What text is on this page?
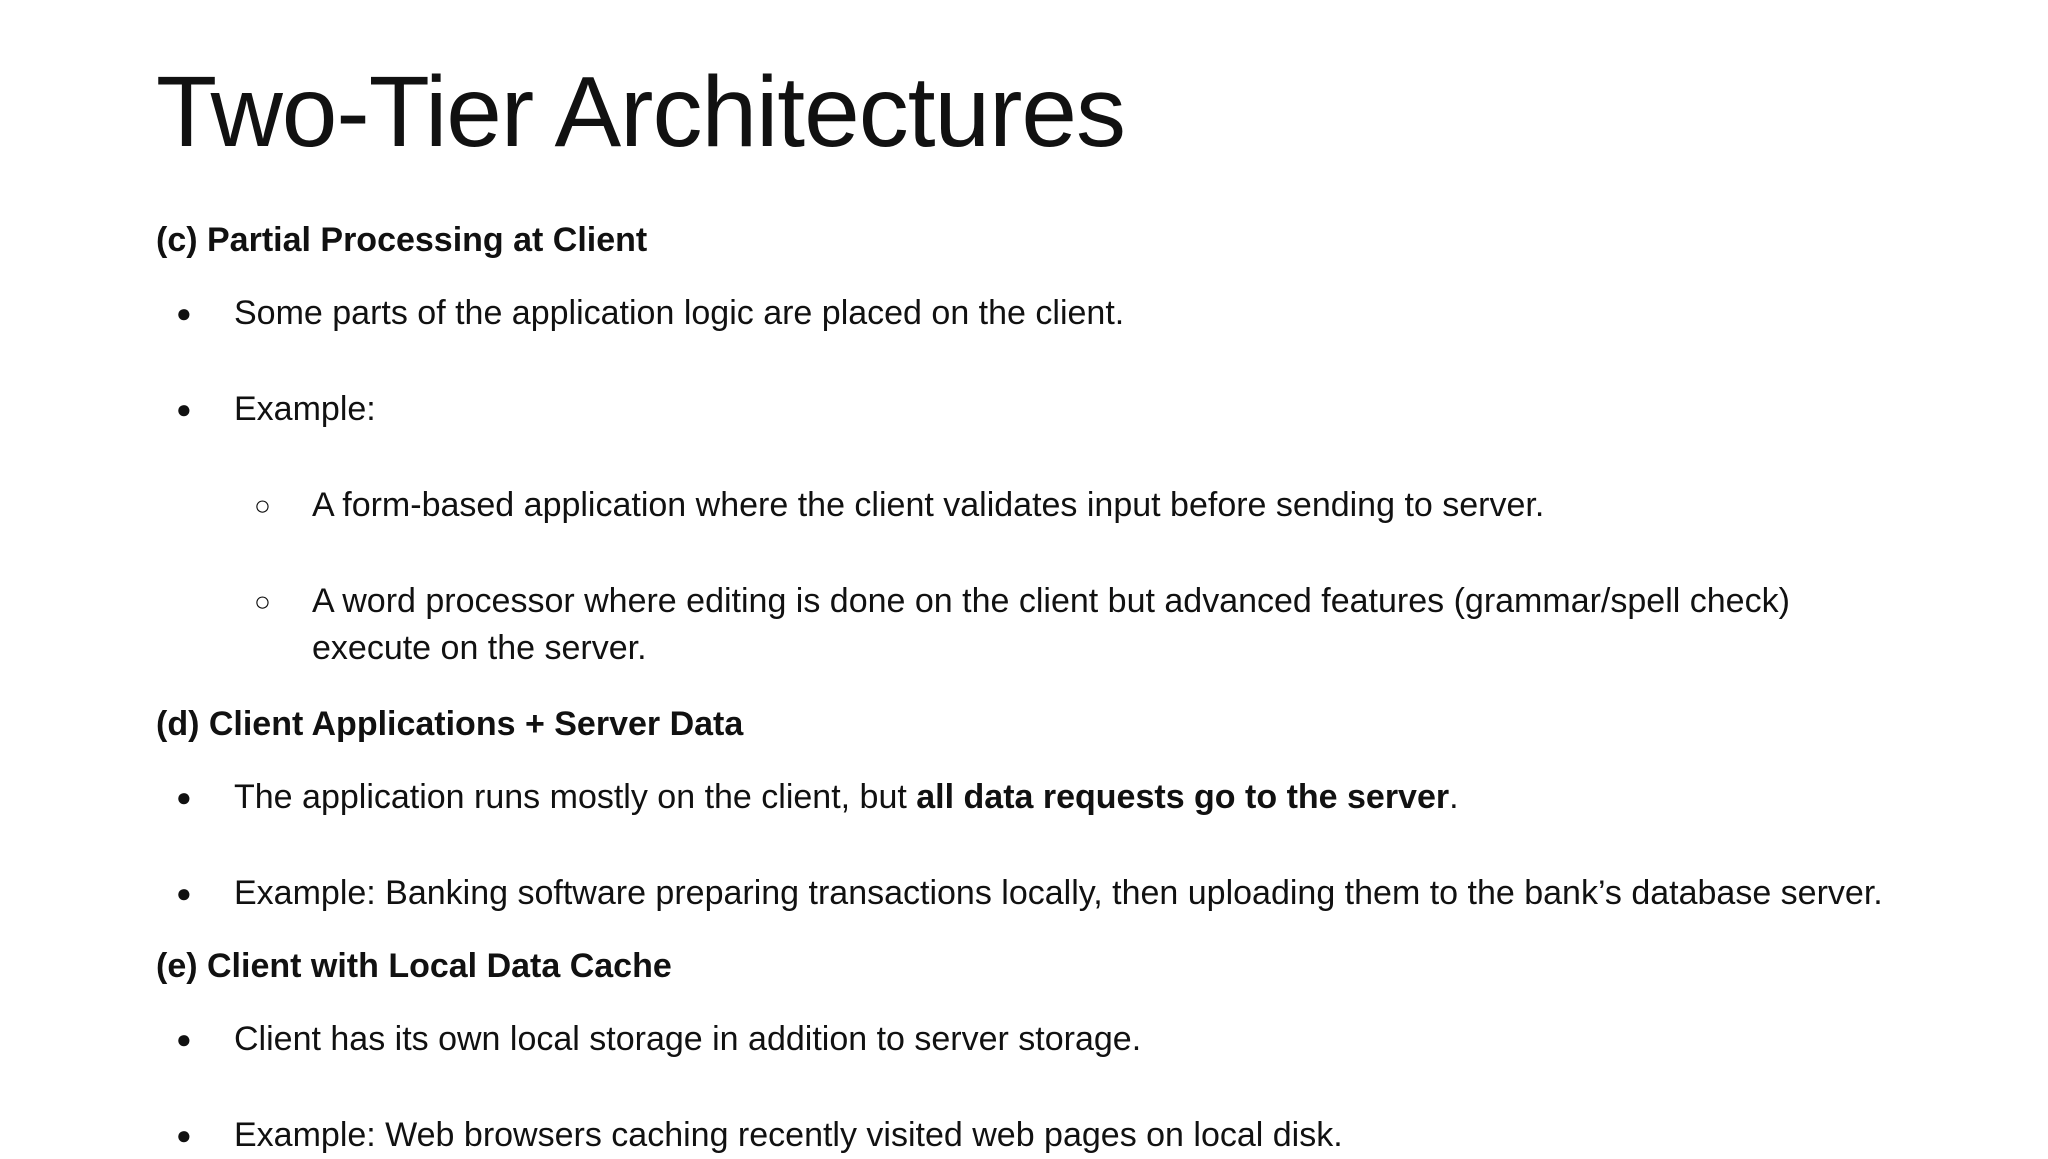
Two-Tier Architectures
(c) Partial Processing at Client
● Some parts of the application logic are placed on the client.
● Example:
○ A form-based application where the client validates input before sending to server.
○ A word processor where editing is done on the client but advanced features (grammar/spell check) execute on the server.
(d) Client Applications + Server Data
● The application runs mostly on the client, but all data requests go to the server.
● Example: Banking software preparing transactions locally, then uploading them to the bank’s database server.
(e) Client with Local Data Cache
● Client has its own local storage in addition to server storage.
● Example: Web browsers caching recently visited web pages on local disk.
